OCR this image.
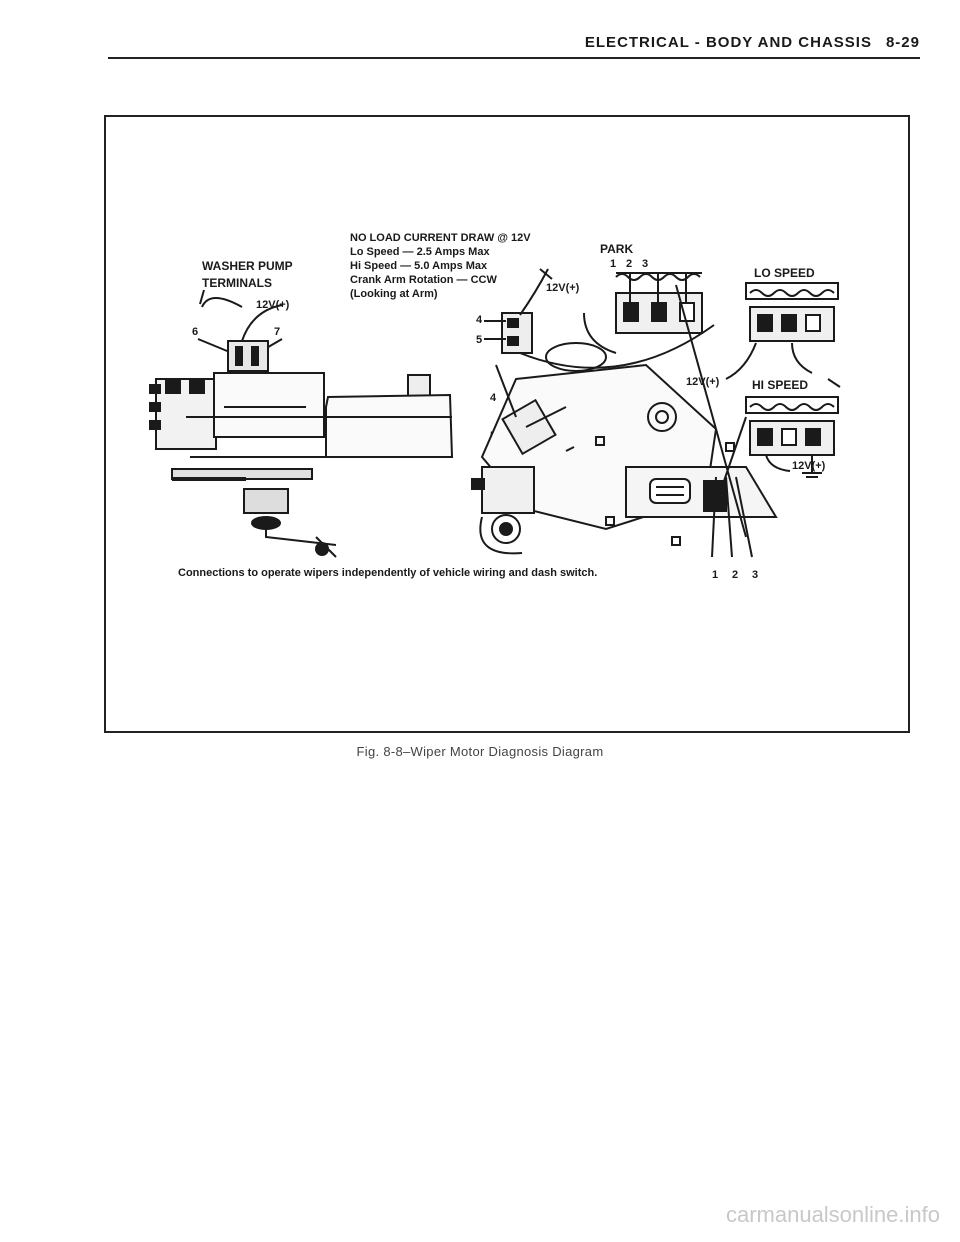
ELECTRICAL - BODY AND CHASSIS 8-29
WASHER PUMP
TERMINALS
NO LOAD CURRENT DRAW @ 12V
Lo Speed — 2.5 Amps Max
Hi Speed — 5.0 Amps Max
Crank Arm Rotation — CCW
(Looking at Arm)
PARK
1 2 3
LO SPEED
HI SPEED
12V(+)
12V(+)
12V(+)
12V(+)
6	7
4
5
4
1 2 3
Connections to operate wipers independently of vehicle wiring and dash switch.
Fig. 8-8–Wiper Motor Diagnosis Diagram
carmanualsonline.info
